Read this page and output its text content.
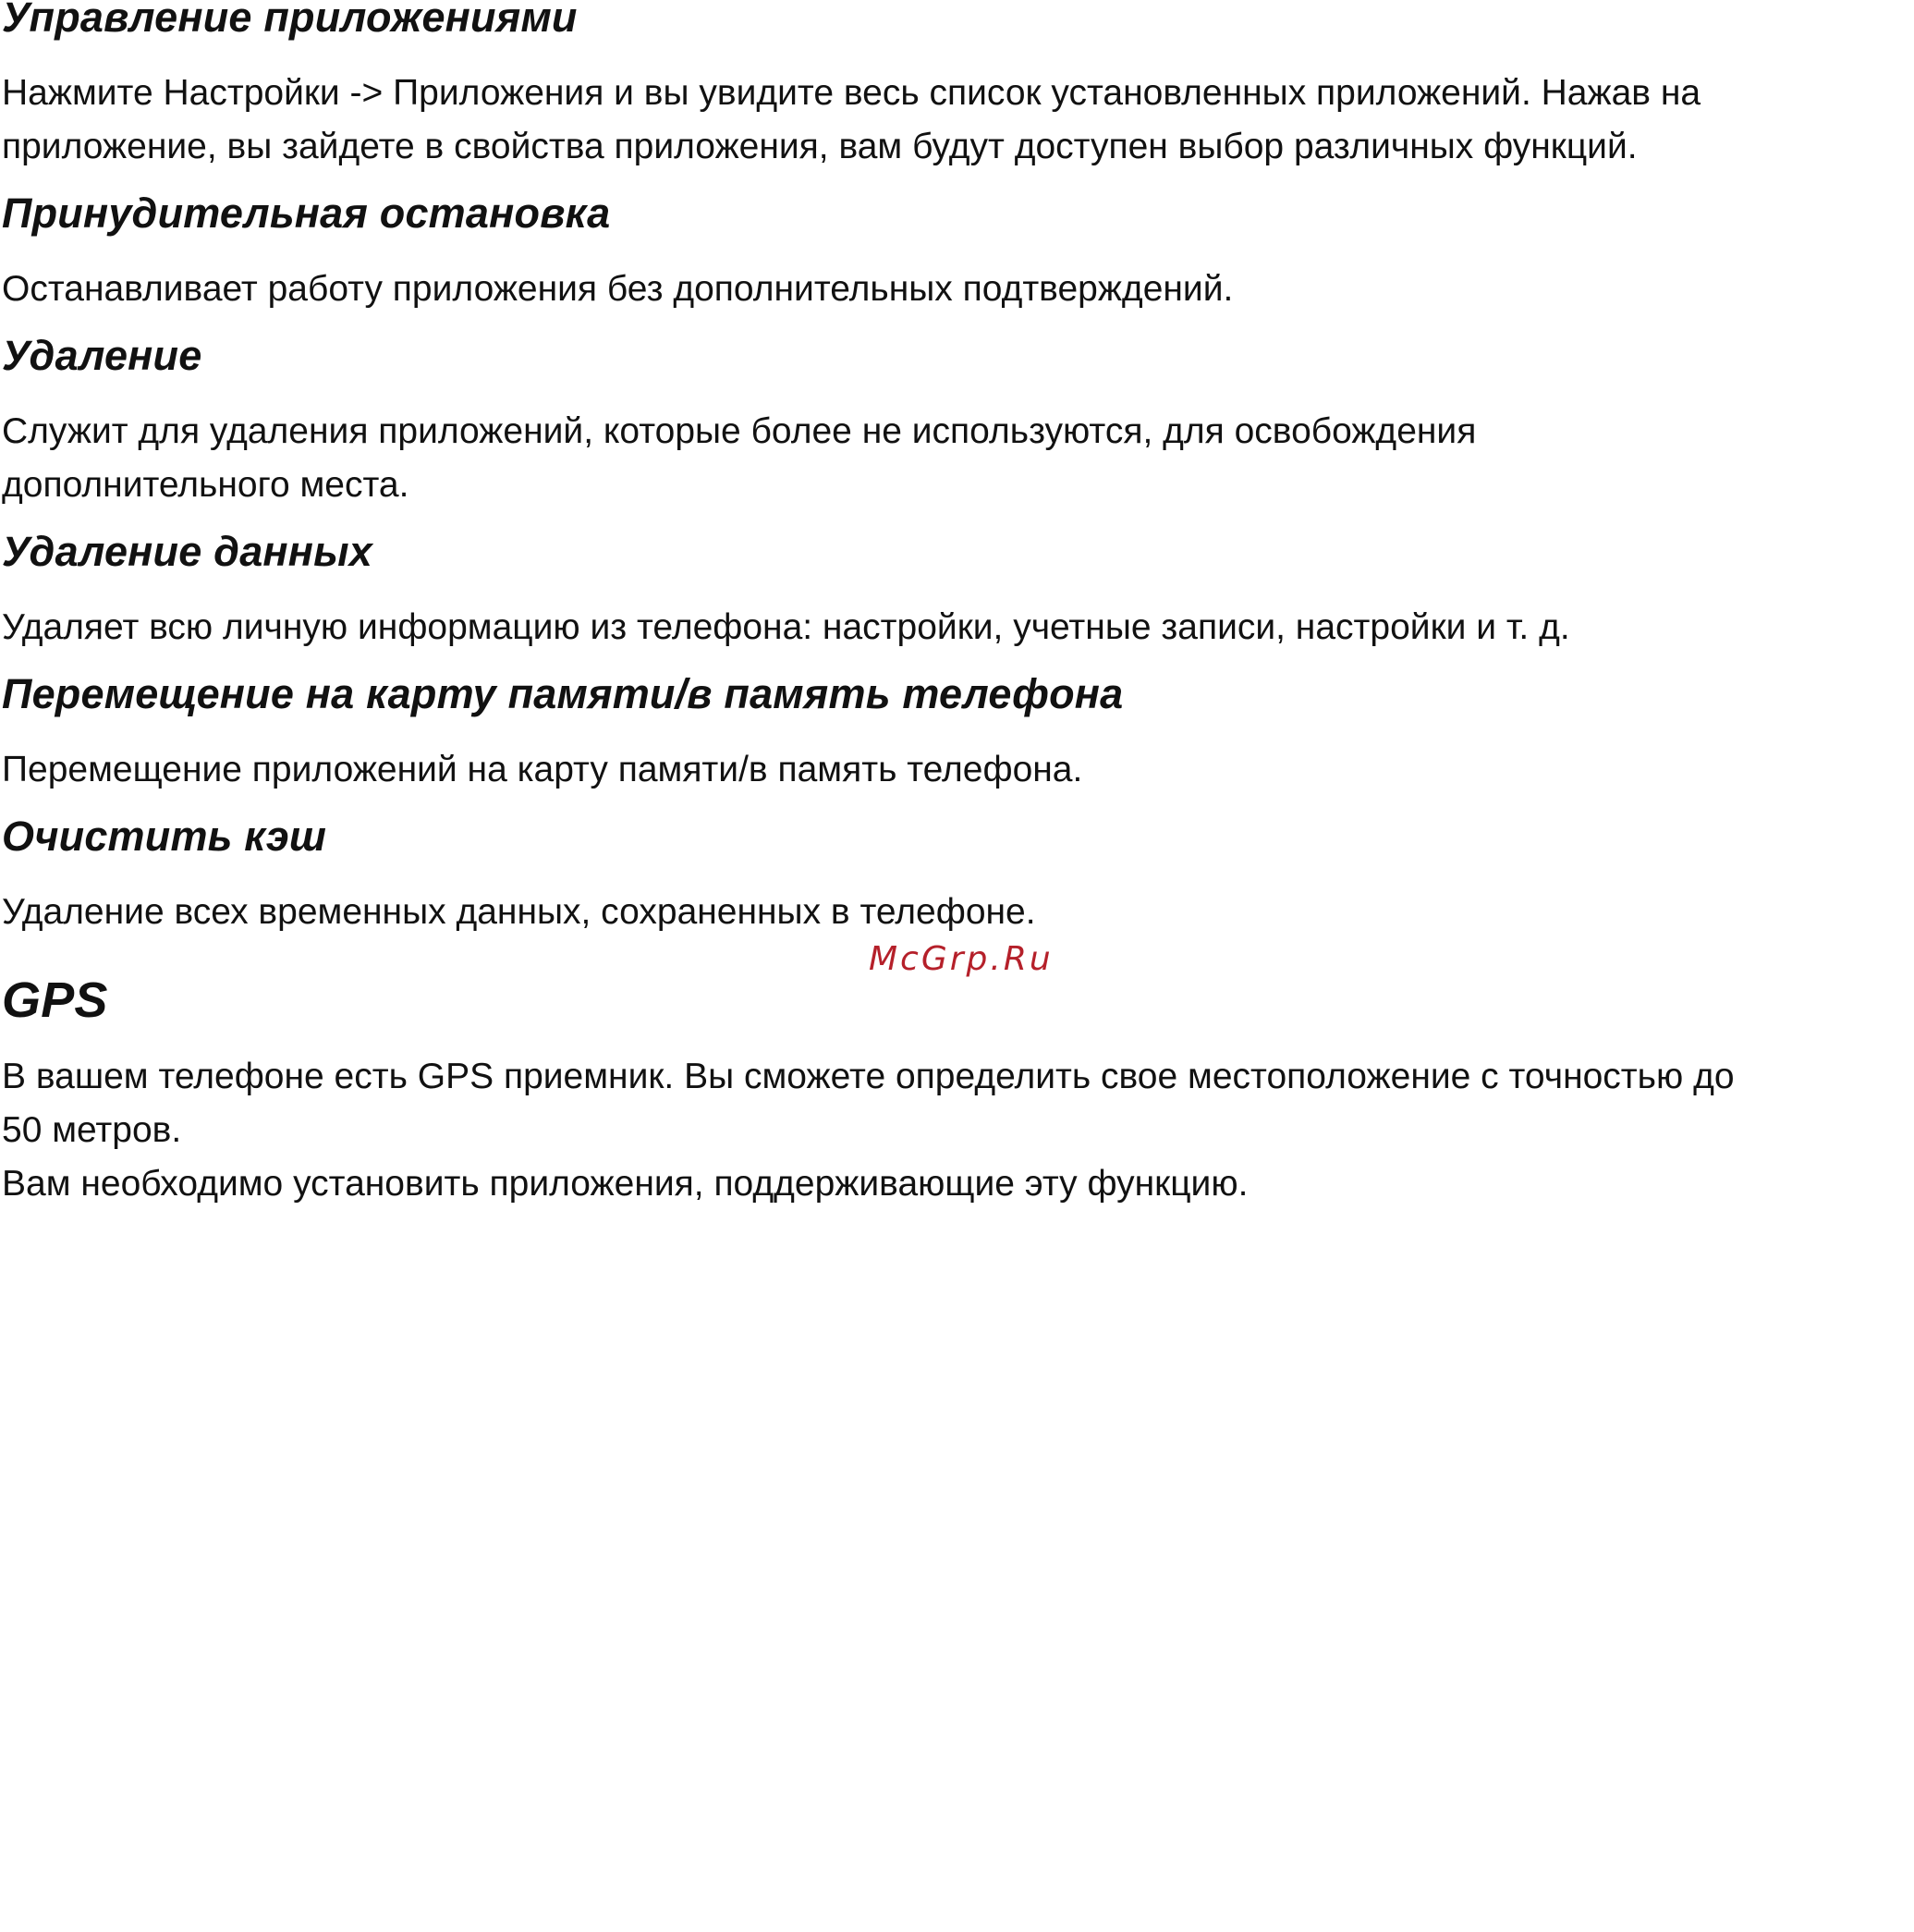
Управление приложениями

Нажмите Настройки -> Приложения и вы увидите весь список установленных приложений. Нажав на

приложение, вы зайдете в свойства приложения, вам будут доступен выбор различных функций.

Принудительная остановка

Останавливает работу приложения без дополнительных подтверждений.

Удаление

Служит для удаления приложений, которые более не используются, для освобождения

дополнительного места.

Удаление данных

Удаляет всю личную информацию из телефона: настройки, учетные записи, настройки и т. д.

Перемещение на карту памяти/в память телефона

Перемещение приложений на карту памяти/в память телефона.

Очистить кэш

Удаление всех временных данных, сохраненных в телефоне.

McGrp.Ru

GPS

В вашем телефоне есть GPS приемник. Вы сможете определить свое местоположение с точностью до

50 метров.

Вам необходимо установить приложения, поддерживающие эту функцию.
